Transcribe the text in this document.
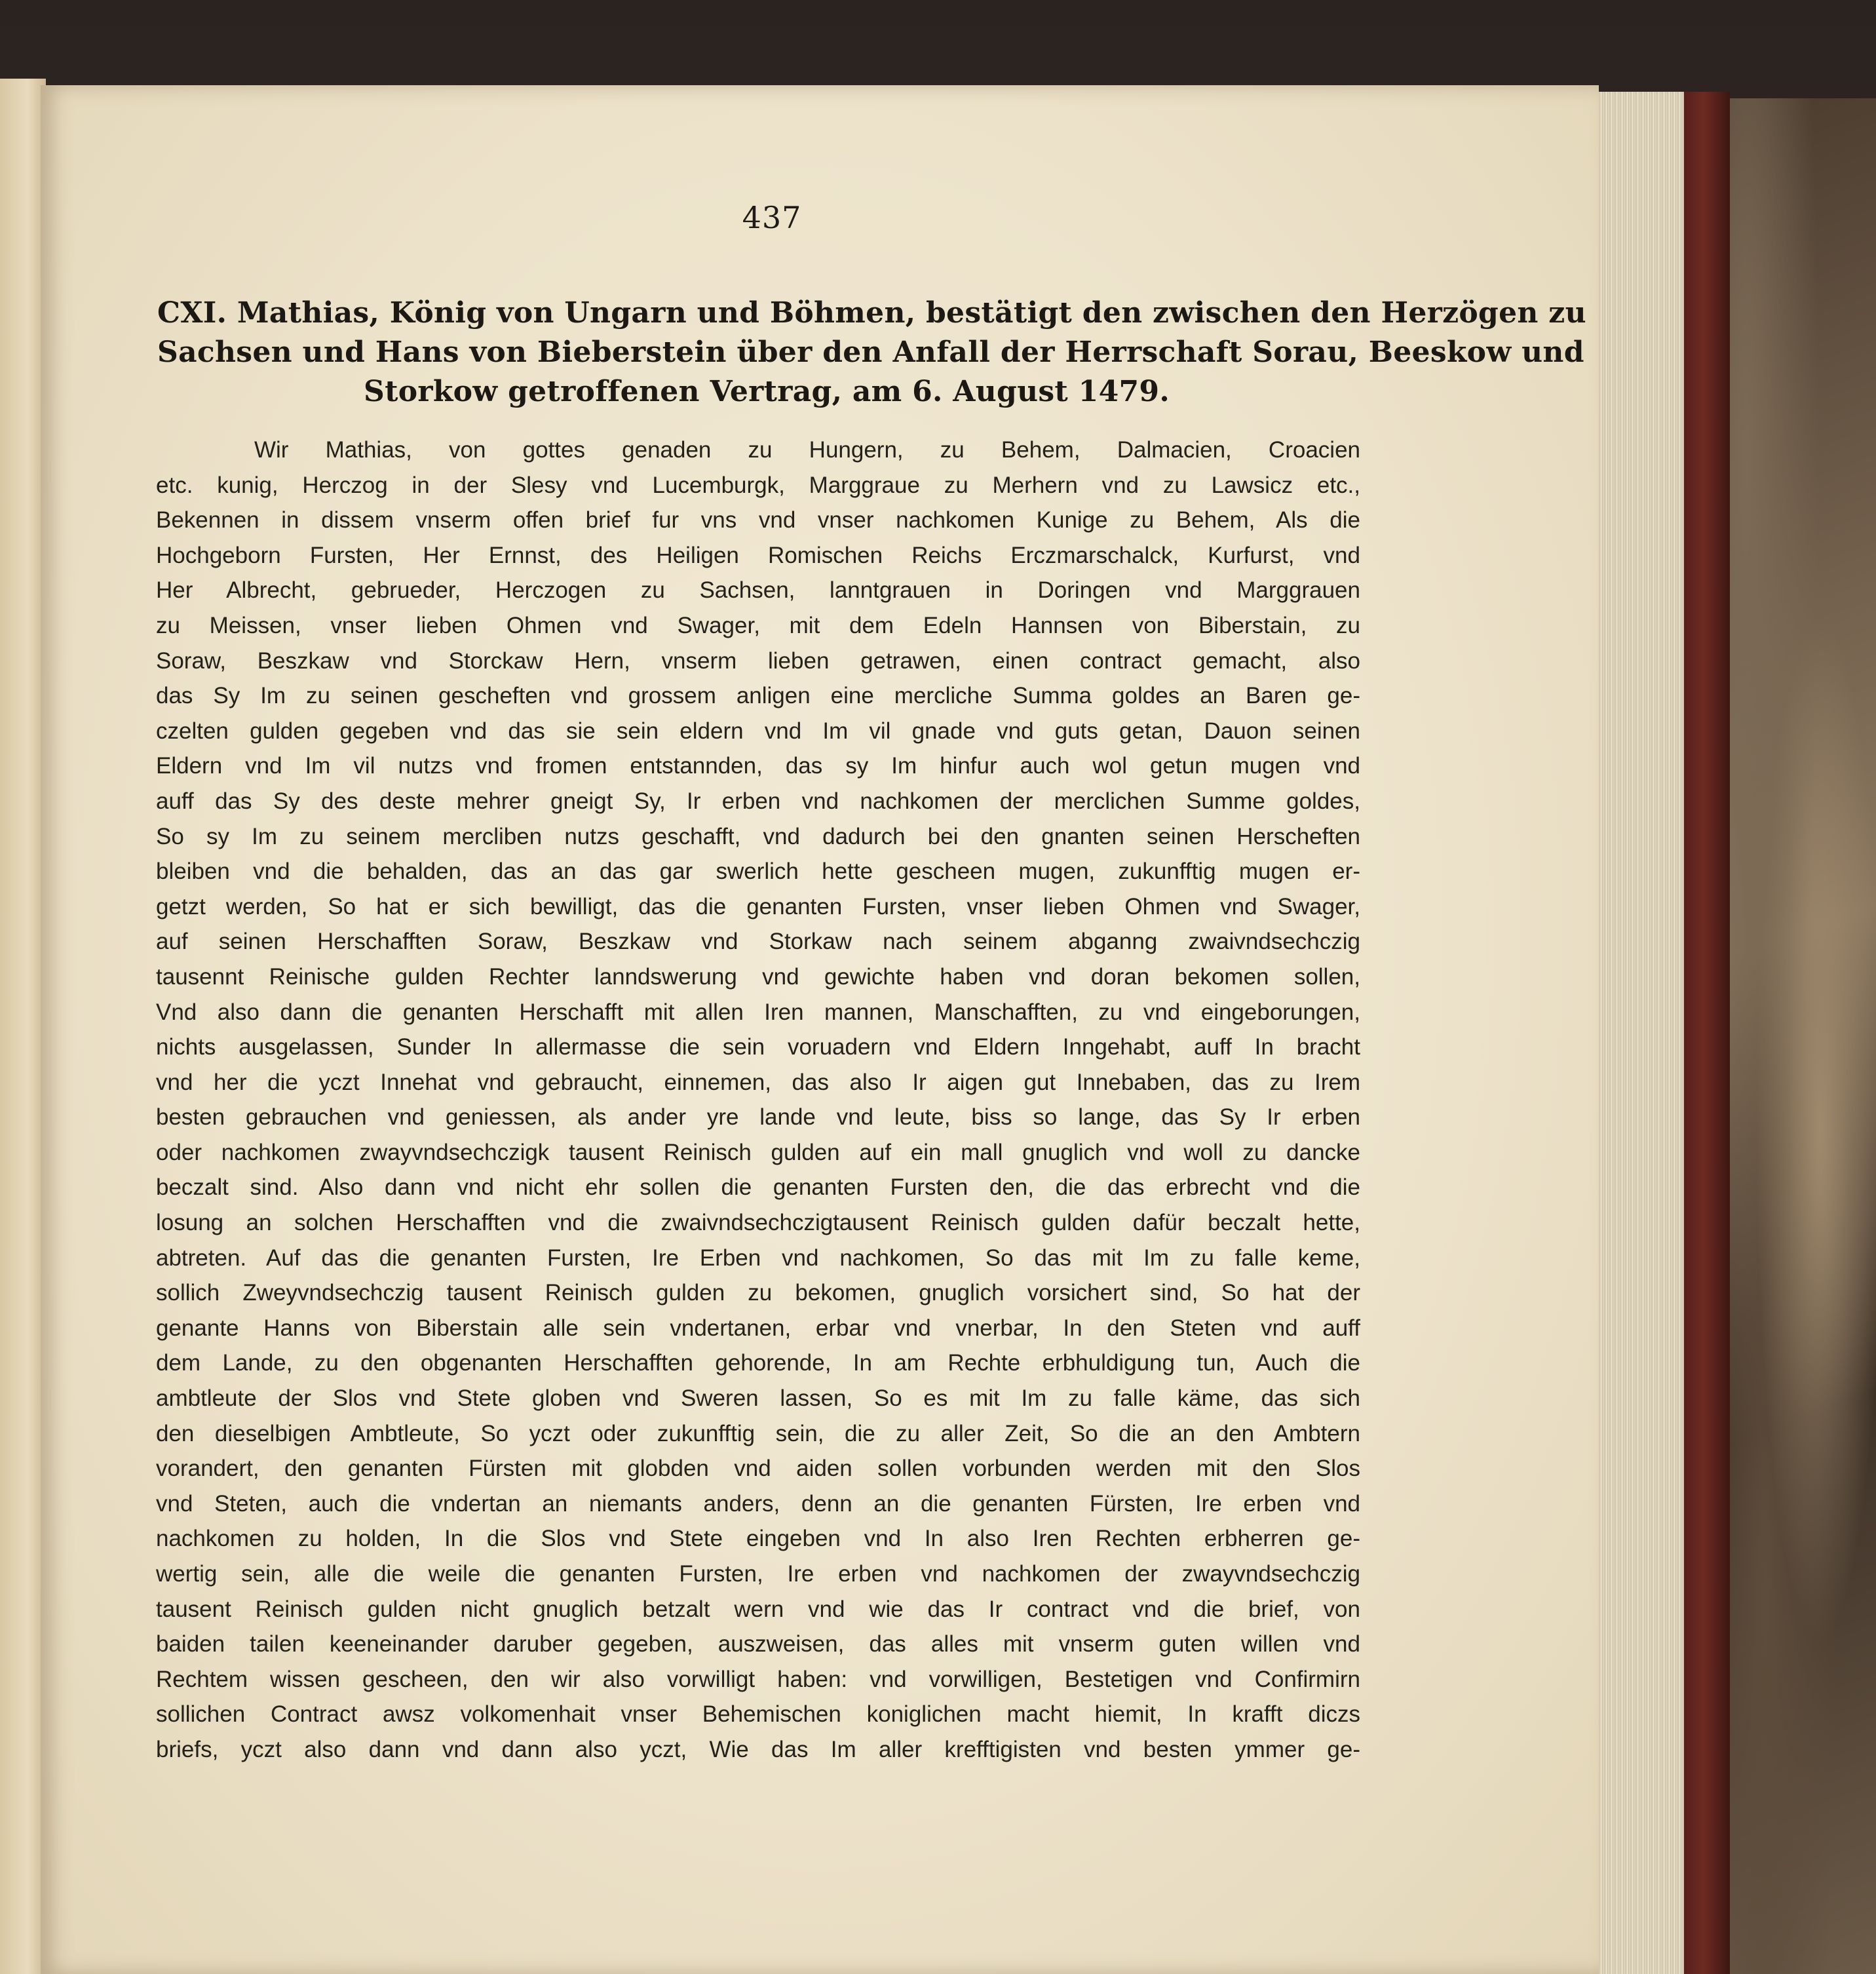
437
CXI. Mathias, König von Ungarn und Böhmen, bestätigt den zwischen den Herzögen zu
Sachsen und Hans von Bieberstein über den Anfall der Herrschaft Sorau, Beeskow und
Storkow getroffenen Vertrag, am 6. August 1479.
Wir Mathias, von gottes genaden zu Hungern, zu Behem, Dalmacien, Croacien
etc. kunig, Herczog in der Slesy vnd Lucemburgk, Marggraue zu Merhern vnd zu Lawsicz etc.,
Bekennen in dissem vnserm offen brief fur vns vnd vnser nachkomen Kunige zu Behem, Als die
Hochgeborn Fursten, Her Ernnst, des Heiligen Romischen Reichs Erczmarschalck, Kurfurst, vnd
Her Albrecht, gebrueder, Herczogen zu Sachsen, lanntgrauen in Doringen vnd Marggrauen
zu Meissen, vnser lieben Ohmen vnd Swager, mit dem Edeln Hannsen von Biberstain, zu
Soraw, Beszkaw vnd Storckaw Hern, vnserm lieben getrawen, einen contract gemacht, also
das Sy Im zu seinen gescheften vnd grossem anligen eine mercliche Summa goldes an Baren ge-
czelten gulden gegeben vnd das sie sein eldern vnd Im vil gnade vnd guts getan, Dauon seinen
Eldern vnd Im vil nutzs vnd fromen entstannden, das sy Im hinfur auch wol getun mugen vnd
auff das Sy des deste mehrer gneigt Sy, Ir erben vnd nachkomen der merclichen Summe goldes,
So sy Im zu seinem mercliben nutzs geschafft, vnd dadurch bei den gnanten seinen Herscheften
bleiben vnd die behalden, das an das gar swerlich hette gescheen mugen, zukunfftig mugen er-
getzt werden, So hat er sich bewilligt, das die genanten Fursten, vnser lieben Ohmen vnd Swager,
auf seinen Herschafften Soraw, Beszkaw vnd Storkaw nach seinem abganng zwaivndsechczig
tausennt Reinische gulden Rechter lanndswerung vnd gewichte haben vnd doran bekomen sollen,
Vnd also dann die genanten Herschafft mit allen Iren mannen, Manschafften, zu vnd eingeborungen,
nichts ausgelassen, Sunder In allermasse die sein voruadern vnd Eldern Inngehabt, auff In bracht
vnd her die yczt Innehat vnd gebraucht, einnemen, das also Ir aigen gut Innebaben, das zu Irem
besten gebrauchen vnd geniessen, als ander yre lande vnd leute, biss so lange, das Sy Ir erben
oder nachkomen zwayvndsechczigk tausent Reinisch gulden auf ein mall gnuglich vnd woll zu dancke
beczalt sind. Also dann vnd nicht ehr sollen die genanten Fursten den, die das erbrecht vnd die
losung an solchen Herschafften vnd die zwaivndsechczigtausent Reinisch gulden dafür beczalt hette,
abtreten. Auf das die genanten Fursten, Ire Erben vnd nachkomen, So das mit Im zu falle keme,
sollich Zweyvndsechczig tausent Reinisch gulden zu bekomen, gnuglich vorsichert sind, So hat der
genante Hanns von Biberstain alle sein vndertanen, erbar vnd vnerbar, In den Steten vnd auff
dem Lande, zu den obgenanten Herschafften gehorende, In am Rechte erbhuldigung tun, Auch die
ambtleute der Slos vnd Stete globen vnd Sweren lassen, So es mit Im zu falle käme, das sich
den dieselbigen Ambtleute, So yczt oder zukunfftig sein, die zu aller Zeit, So die an den Ambtern
vorandert, den genanten Fürsten mit globden vnd aiden sollen vorbunden werden mit den Slos
vnd Steten, auch die vndertan an niemants anders, denn an die genanten Fürsten, Ire erben vnd
nachkomen zu holden, In die Slos vnd Stete eingeben vnd In also Iren Rechten erbherren ge-
wertig sein, alle die weile die genanten Fursten, Ire erben vnd nachkomen der zwayvndsechczig
tausent Reinisch gulden nicht gnuglich betzalt wern vnd wie das Ir contract vnd die brief, von
baiden tailen keeneinander daruber gegeben, auszweisen, das alles mit vnserm guten willen vnd
Rechtem wissen gescheen, den wir also vorwilligt haben: vnd vorwilligen, Bestetigen vnd Confirmirn
sollichen Contract awsz volkomenhait vnser Behemischen koniglichen macht hiemit, In krafft diczs
briefs, yczt also dann vnd dann also yczt, Wie das Im aller krefftigisten vnd besten ymmer ge-
